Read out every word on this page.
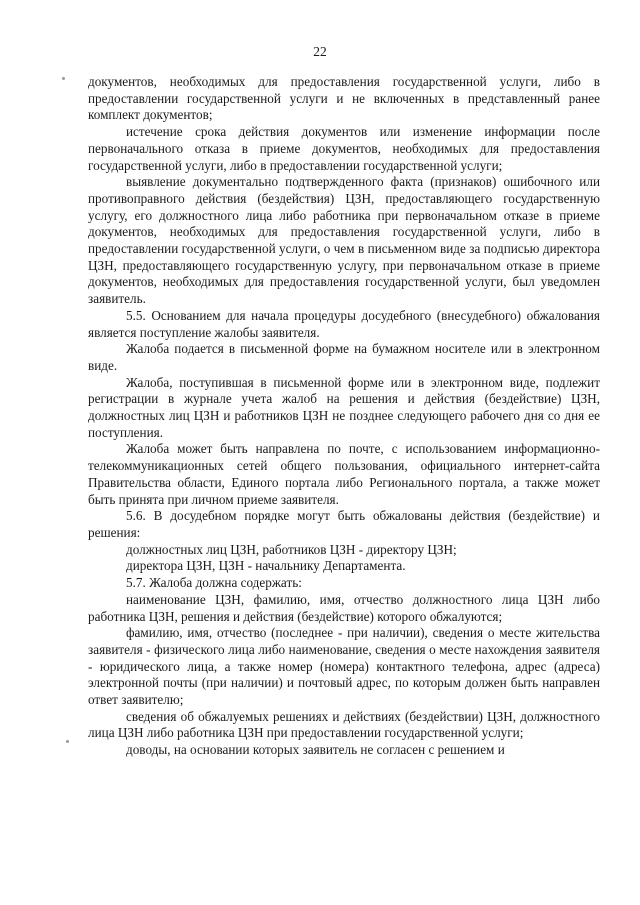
22

документов, необходимых для предоставления государственной услуги, либо в предоставлении государственной услуги и не включенных в представленный ранее комплект документов;

истечение срока действия документов или изменение информации после первоначального отказа в приеме документов, необходимых для предоставления государственной услуги, либо в предоставлении государственной услуги;

выявление документально подтвержденного факта (признаков) ошибочного или противоправного действия (бездействия) ЦЗН, предоставляющего государственную услугу, его должностного лица либо работника при первоначальном отказе в приеме документов, необходимых для предоставления государственной услуги, либо в предоставлении государственной услуги, о чем в письменном виде за подписью директора ЦЗН, предоставляющего государственную услугу, при первоначальном отказе в приеме документов, необходимых для предоставления государственной услуги, был уведомлен заявитель.

5.5. Основанием для начала процедуры досудебного (внесудебного) обжалования является поступление жалобы заявителя.

Жалоба подается в письменной форме на бумажном носителе или в электронном виде.

Жалоба, поступившая в письменной форме или в электронном виде, подлежит регистрации в журнале учета жалоб на решения и действия (бездействие) ЦЗН, должностных лиц ЦЗН и работников ЦЗН не позднее следующего рабочего дня со дня ее поступления.

Жалоба может быть направлена по почте, с использованием информационно-телекоммуникационных сетей общего пользования, официального интернет-сайта Правительства области, Единого портала либо Регионального портала, а также может быть принята при личном приеме заявителя.

5.6. В досудебном порядке могут быть обжалованы действия (бездействие) и решения:

должностных лиц ЦЗН, работников ЦЗН - директору ЦЗН;

директора ЦЗН, ЦЗН - начальнику Департамента.

5.7. Жалоба должна содержать:

наименование ЦЗН, фамилию, имя, отчество должностного лица ЦЗН либо работника ЦЗН, решения и действия (бездействие) которого обжалуются;

фамилию, имя, отчество (последнее - при наличии), сведения о месте жительства заявителя - физического лица либо наименование, сведения о месте нахождения заявителя - юридического лица, а также номер (номера) контактного телефона, адрес (адреса) электронной почты (при наличии) и почтовый адрес, по которым должен быть направлен ответ заявителю;

сведения об обжалуемых решениях и действиях (бездействии) ЦЗН, должностного лица ЦЗН либо работника ЦЗН при предоставлении государственной услуги;

доводы, на основании которых заявитель не согласен с решением и
